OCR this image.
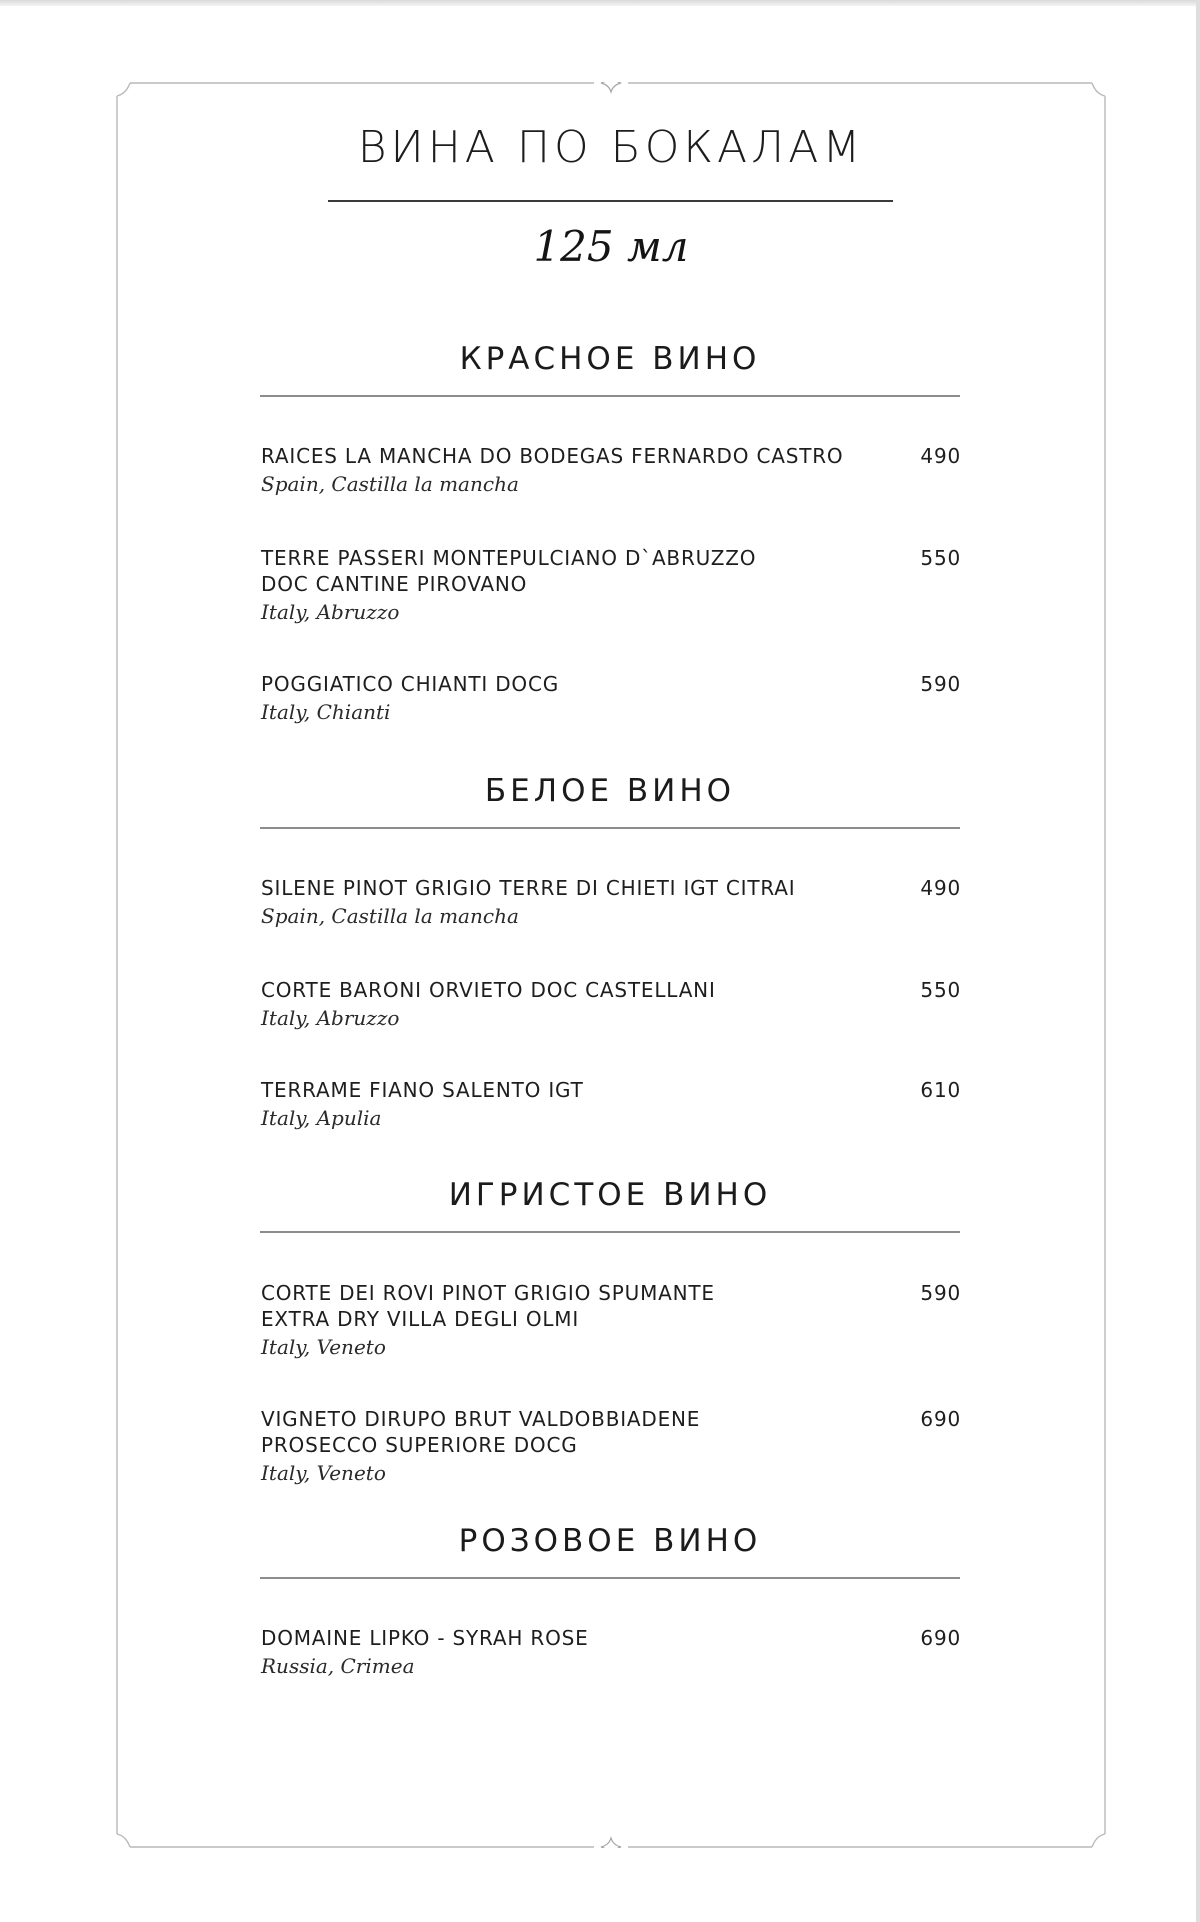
ВИНА ПО БОКАЛАМ
125 мл
КРАСНОЕ ВИНО
RAICES LA MANCHA DO BODEGAS FERNARDO CASTRO
Spain, Castilla la mancha
490
TERRE PASSERI MONTEPULCIANO D`ABRUZZO
DOC CANTINE PIROVANO
Italy, Abruzzo
550
POGGIATICO CHIANTI DOCG
Italy, Chianti
590
БЕЛОЕ ВИНО
SILENE PINOT GRIGIO TERRE DI CHIETI IGT CITRAI
Spain, Castilla la mancha
490
CORTE BARONI ORVIETO DOC CASTELLANI
Italy, Abruzzo
550
TERRAME FIANO SALENTO IGT
Italy, Apulia
610
ИГРИСТОЕ ВИНО
CORTE DEI ROVI PINOT GRIGIO SPUMANTE
EXTRA DRY VILLA DEGLI OLMI
Italy, Veneto
590
VIGNETO DIRUPO BRUT VALDOBBIADENE
PROSECCO SUPERIORE DOCG
Italy, Veneto
690
РОЗОВОЕ ВИНО
DOMAINE LIPKO - SYRAH ROSE
Russia, Crimea
690
